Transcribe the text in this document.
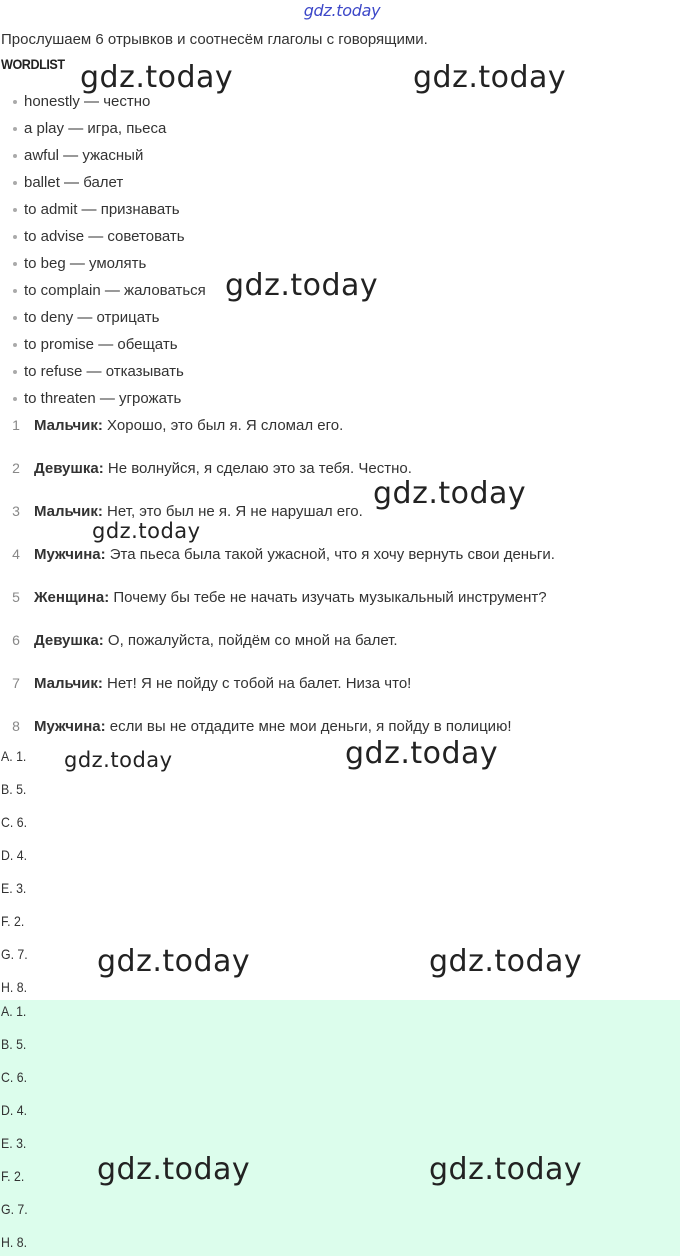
gdz.today
Прослушаем 6 отрывков и соотнесём глаголы с говорящими.
WORDLIST
honestly — честно
a play — игра, пьеса
awful — ужасный
ballet — балет
to admit — признавать
to advise — советовать
to beg — умолять
to complain — жаловаться
to deny — отрицать
to promise — обещать
to refuse — отказывать
to threaten — угрожать
1 Мальчик: Хорошо, это был я. Я сломал его.
2 Девушка: Не волнуйся, я сделаю это за тебя. Честно.
3 Мальчик: Нет, это был не я. Я не нарушал его.
4 Мужчина: Эта пьеса была такой ужасной, что я хочу вернуть свои деньги.
5 Женщина: Почему бы тебе не начать изучать музыкальный инструмент?
6 Девушка: О, пожалуйста, пойдём со мной на балет.
7 Мальчик: Нет! Я не пойду с тобой на балет. Низа что!
8 Мужчина: если вы не отдадите мне мои деньги, я пойду в полицию!
A. 1.
B. 5.
C. 6.
D. 4.
E. 3.
F. 2.
G. 7.
H. 8.
A. 1.
B. 5.
C. 6.
D. 4.
E. 3.
F. 2.
G. 7.
H. 8.
gdz.today	gdz.today
gdz.today
gdz.today
gdz.today
gdz.today	gdz.today
gdz.today	gdz.today
gdz.today	gdz.today
